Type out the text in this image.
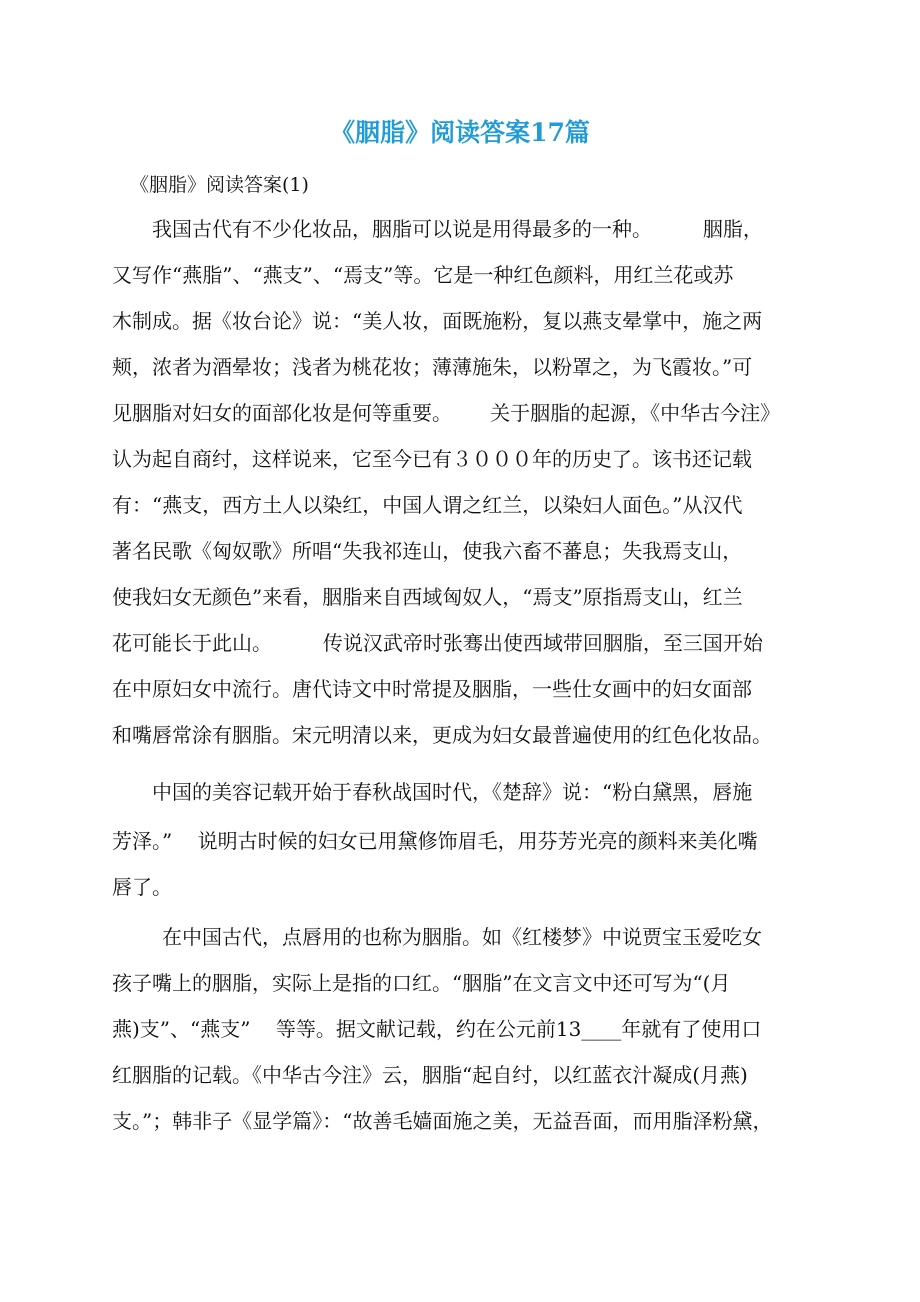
《胭脂》阅读答案17篇
《胭脂》阅读答案(1)
我国古代有不少化妆品，胭脂可以说是用得最多的一种。        胭脂，
又写作“燕脂”、“燕支”、“焉支”等。它是一种红色颜料，用红兰花或苏
木制成。据《妆台论》说：“美人妆，面既施粉，复以燕支晕掌中，施之两
颊，浓者为酒晕妆；浅者为桃花妆；薄薄施朱，以粉罩之，为飞霞妆。”可
见胭脂对妇女的面部化妆是何等重要。      关于胭脂的起源，《中华古今注》
认为起自商纣，这样说来，它至今已有３０００年的历史了。该书还记载
有：“燕支，西方土人以染红，中国人谓之红兰，以染妇人面色。”从汉代
著名民歌《匈奴歌》所唱“失我祁连山，使我六畜不蕃息；失我焉支山，
使我妇女无颜色”来看，胭脂来自西域匈奴人，“焉支”原指焉支山，红兰
花可能长于此山。        传说汉武帝时张骞出使西域带回胭脂，至三国开始
在中原妇女中流行。唐代诗文中时常提及胭脂，一些仕女画中的妇女面部
和嘴唇常涂有胭脂。宋元明清以来，更成为妇女最普遍使用的红色化妆品。
中国的美容记载开始于春秋战国时代，《楚辞》说：“粉白黛黑，唇施
芳泽。”    说明古时候的妇女已用黛修饰眉毛，用芬芳光亮的颜料来美化嘴
唇了。
在中国古代，点唇用的也称为胭脂。如《红楼梦》中说贾宝玉爱吃女
孩子嘴上的胭脂，实际上是指的口红。“胭脂”在文言文中还可写为“(月
燕)支”、“燕支”    等等。据文献记载，约在公元前13____年就有了使用口
红胭脂的记载。《中华古今注》云，胭脂“起自纣，以红蓝衣汁凝成(月燕)
支。”；韩非子《显学篇》：“故善毛嫱面施之美，无益吾面，而用脂泽粉黛，
